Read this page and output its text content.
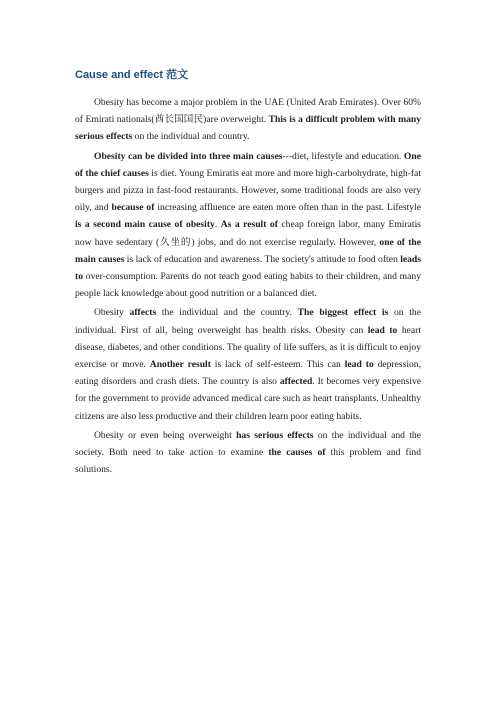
Cause and effect 范文

Obesity has become a major problem in the UAE (United Arab Emirates). Over 60% of Emirati nationals(酋长国国民)are overweight. This is a difficult problem with many serious effects on the individual and country.

Obesity can be divided into three main causes---diet, lifestyle and education. One of the chief causes is diet. Young Emiratis eat more and more high-carbohydrate, high-fat burgers and pizza in fast-food restaurants. However, some traditional foods are also very oily, and because of increasing affluence are eaten more often than in the past. Lifestyle is a second main cause of obesity. As a result of cheap foreign labor, many Emiratis now have sedentary (久坐的) jobs, and do not exercise regularly. However, one of the main causes is lack of education and awareness. The society's attitude to food often leads to over-consumption. Parents do not teach good eating habits to their children, and many people lack knowledge about good nutrition or a balanced diet.

Obesity affects the individual and the country. The biggest effect is on the individual. First of all, being overweight has health risks. Obesity can lead to heart disease, diabetes, and other conditions. The quality of life suffers, as it is difficult to enjoy exercise or move. Another result is lack of self-esteem. This can lead to depression, eating disorders and crash diets. The country is also affected. It becomes very expensive for the government to provide advanced medical care such as heart transplants. Unhealthy citizens are also less productive and their children learn poor eating habits.

Obesity or even being overweight has serious effects on the individual and the society. Both need to take action to examine the causes of this problem and find solutions.
